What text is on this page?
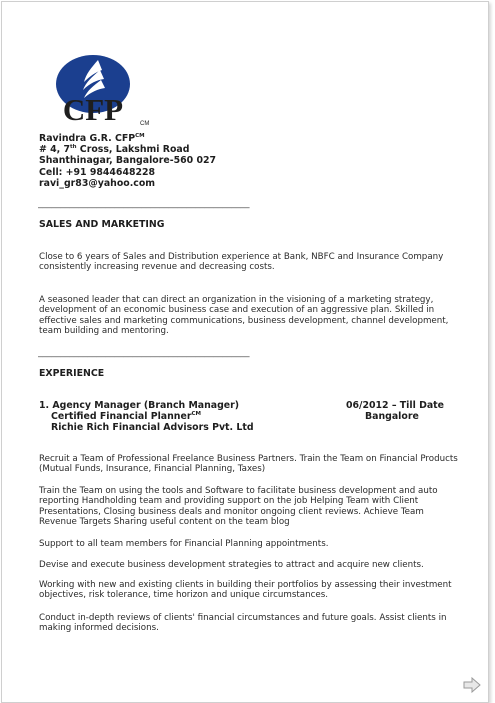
CFP	CM
Ravindra G.R. $CFP^{CM}$
# 4, 7th Cross, Lakshmi Road
Shanthinagar, Bangalore-560 027
Cell: +91 9844648228
ravi_gr83@yahoo.com
_______________________________________________
SALES AND MARKETING
Close to 6 years of Sales and Distribution experience at Bank, NBFC and Insurance Company consistently increasing revenue and decreasing costs.
A seasoned leader that can direct an organization in the visioning of a marketing strategy, development of an economic business case and execution of an aggressive plan. Skilled in effective sales and marketing communications, business development, channel development, team building and mentoring.
_______________________________________________
EXPERIENCE
1. Agency Manager (Branch Manager)	06/2012 – Till Date
Certified Financial Planner$^{CM}$	Bangalore
Richie Rich Financial Advisors Pvt. Ltd
Recruit a Team of Professional Freelance Business Partners. Train the Team on Financial Products (Mutual Funds, Insurance, Financial Planning, Taxes)
Train the Team on using the tools and Software to facilitate business development and auto reporting Handholding team and providing support on the job Helping Team with Client Presentations, Closing business deals and monitor ongoing client reviews. Achieve Team Revenue Targets Sharing useful content on the team blog
Support to all team members for Financial Planning appointments.
Devise and execute business development strategies to attract and acquire new clients.
Working with new and existing clients in building their portfolios by assessing their investment objectives, risk tolerance, time horizon and unique circumstances.
Conduct in-depth reviews of clients' financial circumstances and future goals. Assist clients in making informed decisions.
